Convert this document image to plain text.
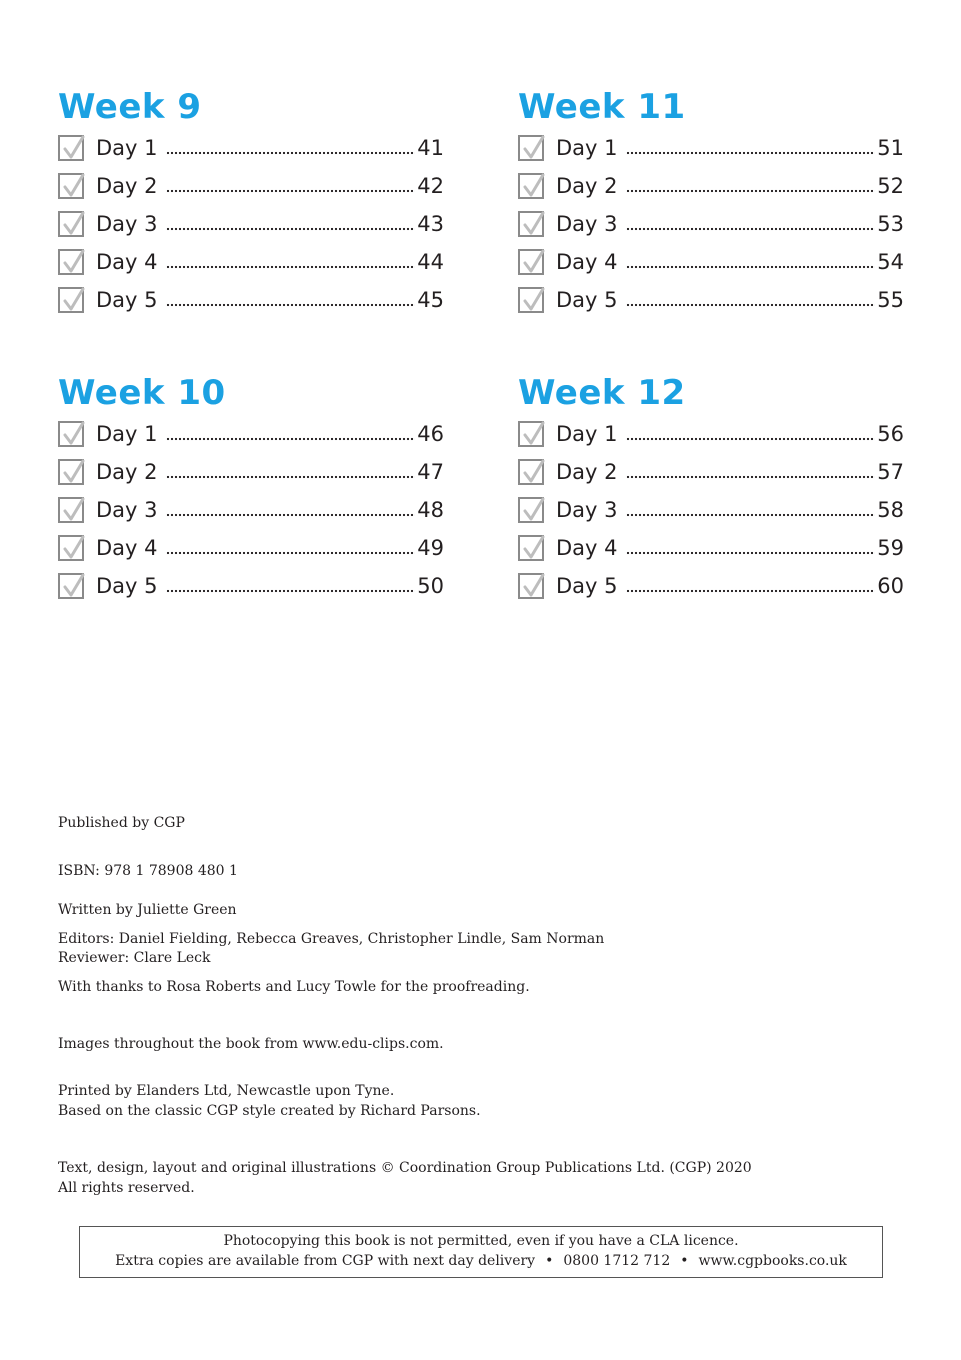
Week 9
Day 1	41
Day 2	42
Day 3	43
Day 4	44
Day 5	45
Week 11
Day 1	51
Day 2	52
Day 3	53
Day 4	54
Day 5	55
Week 10
Day 1	46
Day 2	47
Day 3	48
Day 4	49
Day 5	50
Week 12
Day 1	56
Day 2	57
Day 3	58
Day 4	59
Day 5	60
Published by CGP
ISBN: 978 1 78908 480 1
Written by Juliette Green
Editors: Daniel Fielding, Rebecca Greaves, Christopher Lindle, Sam Norman
Reviewer: Clare Leck
With thanks to Rosa Roberts and Lucy Towle for the proofreading.
Images throughout the book from www.edu-clips.com.
Printed by Elanders Ltd, Newcastle upon Tyne.
Based on the classic CGP style created by Richard Parsons.
Text, design, layout and original illustrations © Coordination Group Publications Ltd. (CGP) 2020
All rights reserved.
Photocopying this book is not permitted, even if you have a CLA licence.
Extra copies are available from CGP with next day delivery • 0800 1712 712 • www.cgpbooks.co.uk
